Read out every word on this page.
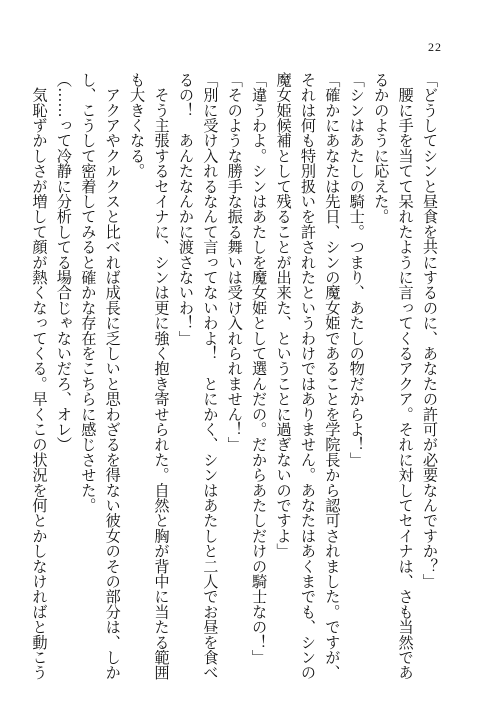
22

「どうしてシンと昼食を共にするのに、あなたの許可が必要なんですか？」

　腰に手を当てて呆れたように言ってくるアクア。それに対してセイナは、さも当然であ

るかのように応えた。

「シンはあたしの騎士。つまり、あたしの物だからよ！」

「確かにあなたは先日、シンの魔女姫であることを学院長から認可されました。ですが、

それは何も特別扱いを許されたというわけではありません。あなたはあくまでも、シンの

魔女姫候補として残ることが出来た、ということに過ぎないのですよ」

「違うわよ。シンはあたしを魔女姫として選んだの。だからあたしだけの騎士なの！」

「そのような勝手な振る舞いは受け入れられません！」

「別に受け入れるなんて言ってないわよ！　とにかく、シンはあたしと二人でお昼を食べ

るの！　あんたなんかに渡さないわ！」

　そう主張するセイナに、シンは更に強く抱き寄せられた。自然と胸が背中に当たる範囲

も大きくなる。

　アクアやクルクスと比べれば成長に乏しいと思わざるを得ない彼女のその部分は、しか

し、こうして密着してみると確かな存在をこちらに感じさせた。

（……って冷静に分析してる場合じゃないだろ、オレ）

　気恥ずかしさが増して顔が熱くなってくる。早くこの状況を何とかしなければと動こう
